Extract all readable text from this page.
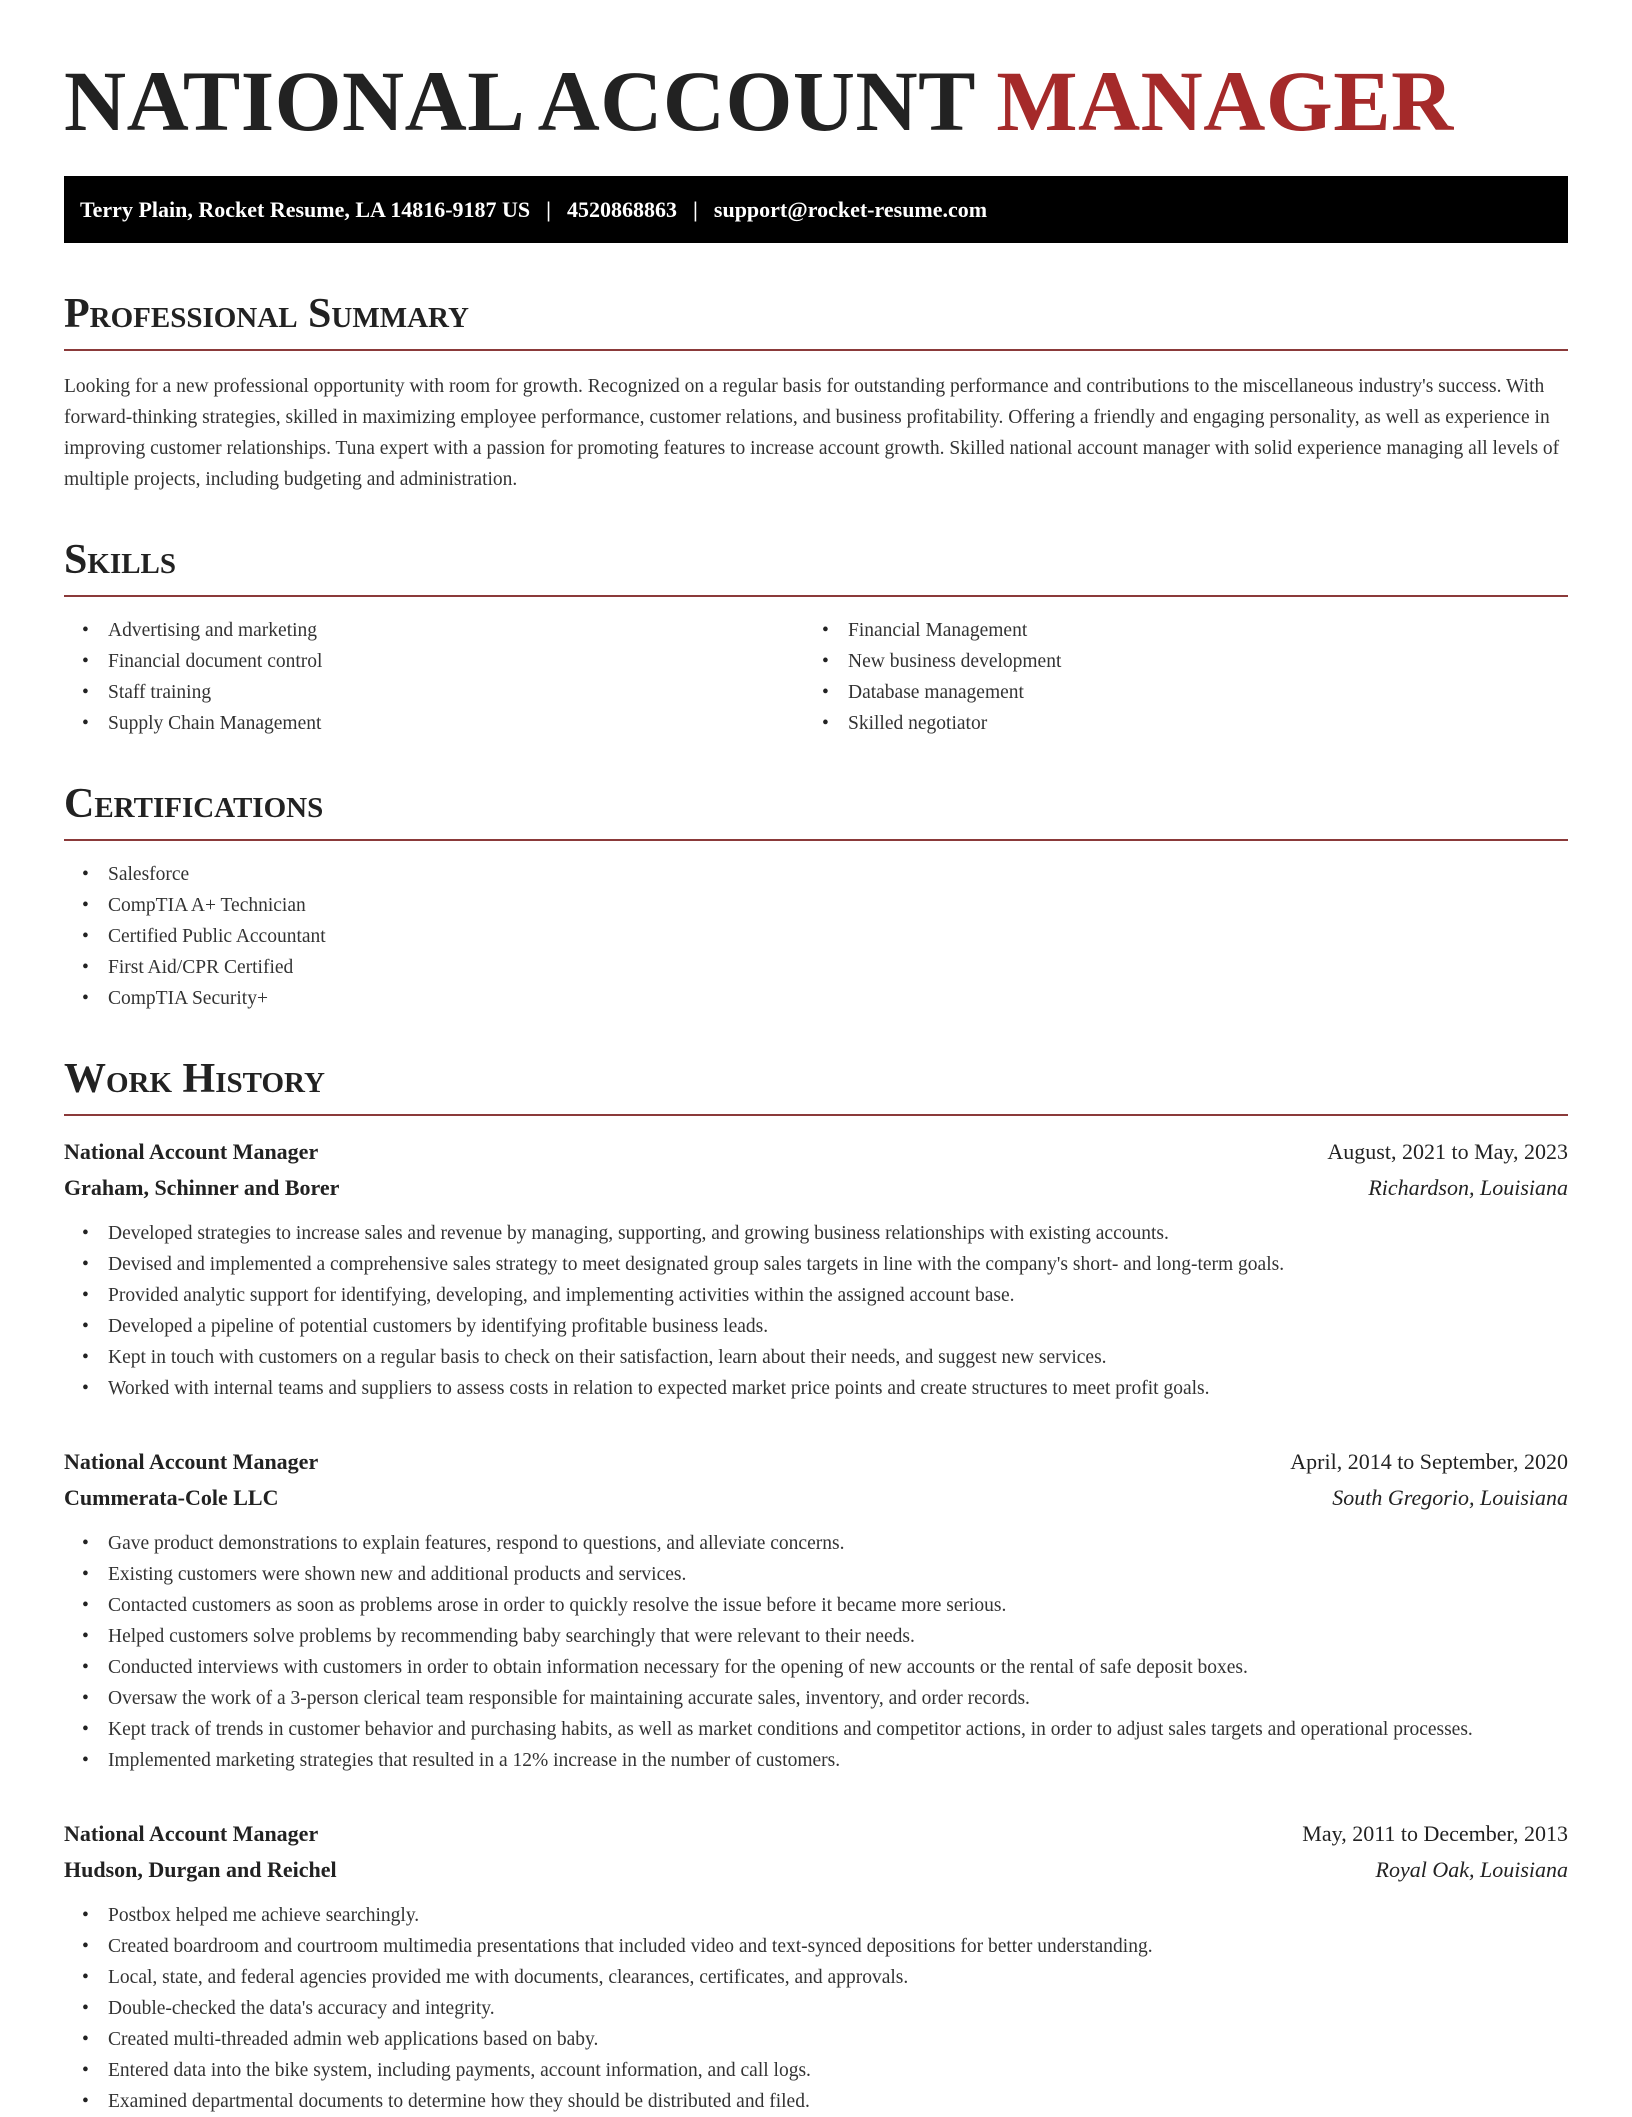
NATIONAL ACCOUNT MANAGER
Terry Plain, Rocket Resume, LA 14816-9187 US | 4520868863 | support@rocket-resume.com
Professional Summary

Looking for a new professional opportunity with room for growth. Recognized on a regular basis for outstanding performance and contributions to the miscellaneous industry's success. With forward-thinking strategies, skilled in maximizing employee performance, customer relations, and business profitability. Offering a friendly and engaging personality, as well as experience in improving customer relationships. Tuna expert with a passion for promoting features to increase account growth. Skilled national account manager with solid experience managing all levels of multiple projects, including budgeting and administration.

Skills
• Advertising and marketing
• Financial document control
• Staff training
• Supply Chain Management
• Financial Management
• New business development
• Database management
• Skilled negotiator
Certifications
• Salesforce
• CompTIA A+ Technician
• Certified Public Accountant
• First Aid/CPR Certified
• CompTIA Security+
Work History
National Account Manager	August, 2021 to May, 2023
Graham, Schinner and Borer	Richardson, Louisiana
• Developed strategies to increase sales and revenue by managing, supporting, and growing business relationships with existing accounts.
• Devised and implemented a comprehensive sales strategy to meet designated group sales targets in line with the company's short- and long-term goals.
• Provided analytic support for identifying, developing, and implementing activities within the assigned account base.
• Developed a pipeline of potential customers by identifying profitable business leads.
• Kept in touch with customers on a regular basis to check on their satisfaction, learn about their needs, and suggest new services.
• Worked with internal teams and suppliers to assess costs in relation to expected market price points and create structures to meet profit goals.
National Account Manager	April, 2014 to September, 2020
Cummerata-Cole LLC	South Gregorio, Louisiana
• Gave product demonstrations to explain features, respond to questions, and alleviate concerns.
• Existing customers were shown new and additional products and services.
• Contacted customers as soon as problems arose in order to quickly resolve the issue before it became more serious.
• Helped customers solve problems by recommending baby searchingly that were relevant to their needs.
• Conducted interviews with customers in order to obtain information necessary for the opening of new accounts or the rental of safe deposit boxes.
• Oversaw the work of a 3-person clerical team responsible for maintaining accurate sales, inventory, and order records.
• Kept track of trends in customer behavior and purchasing habits, as well as market conditions and competitor actions, in order to adjust sales targets and operational processes.
• Implemented marketing strategies that resulted in a 12% increase in the number of customers.
National Account Manager	May, 2011 to December, 2013
Hudson, Durgan and Reichel	Royal Oak, Louisiana
• Postbox helped me achieve searchingly.
• Created boardroom and courtroom multimedia presentations that included video and text-synced depositions for better understanding.
• Local, state, and federal agencies provided me with documents, clearances, certificates, and approvals.
• Double-checked the data's accuracy and integrity.
• Created multi-threaded admin web applications based on baby.
• Entered data into the bike system, including payments, account information, and call logs.
• Examined departmental documents to determine how they should be distributed and filed.
